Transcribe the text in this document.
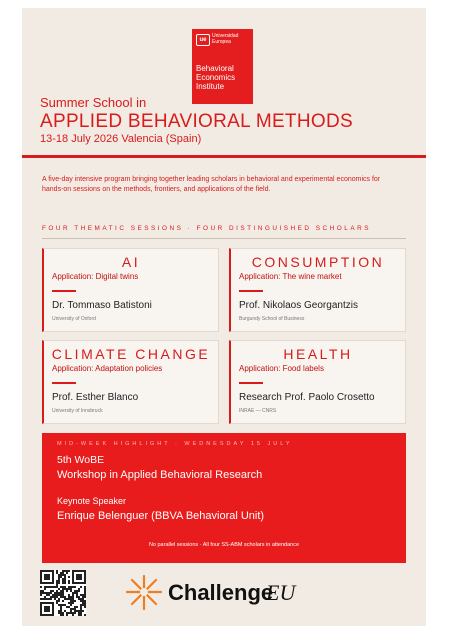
ue
Universidad Europea
Behavioral Economics Institute
Summer School in
APPLIED BEHAVIORAL METHODS
13-18 July 2026 Valencia (Spain)
A five-day intensive program bringing together leading scholars in behavioral and experimental economics for hands-on sessions on the methods, frontiers, and applications of the field.
FOUR THEMATIC SESSIONS · FOUR DISTINGUISHED SCHOLARS
AI
Application: Digital twins
Dr. Tommaso Batistoni
University of Oxford
CONSUMPTION
Application: The wine market
Prof. Nikolaos Georgantzis
Burgundy School of Business
CLIMATE CHANGE
Application: Adaptation policies
Prof. Esther Blanco
University of Innsbruck
HEALTH
Application: Food labels
Research Prof. Paolo Crosetto
INRAE — CNRS
MID-WEEK HIGHLIGHT · WEDNESDAY 15 JULY
5th WoBE
Workshop in Applied Behavioral Research
Keynote Speaker
Enrique Belenguer (BBVA Behavioral Unit)
No parallel sessions · All four SS-ABM scholars in attendance
Challenge
EU
